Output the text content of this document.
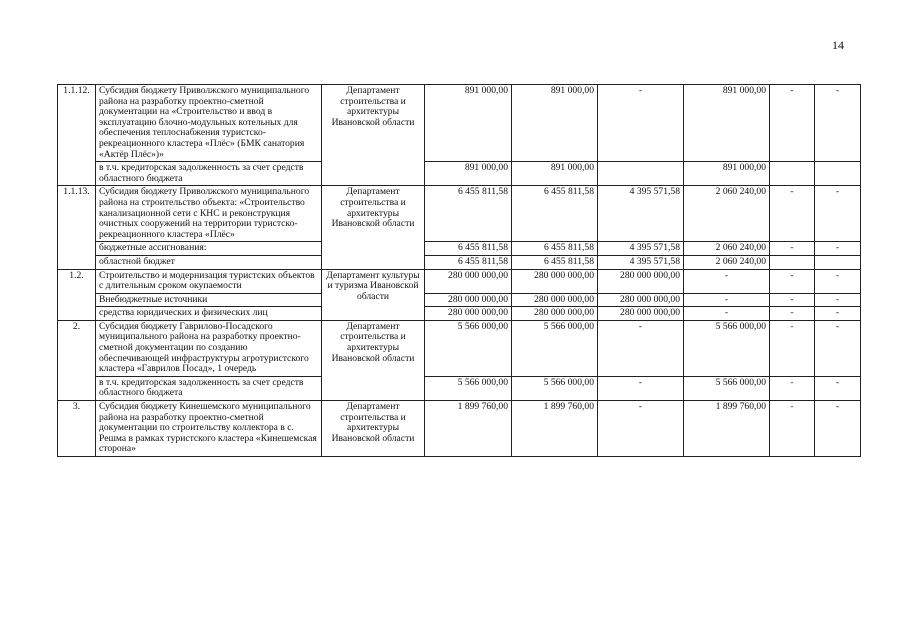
14
1.1.12.	Субсидия бюджету Приволжского муниципального района на разработку проектно-сметной документации на «Строительство и ввод в эксплуатацию блочно-модульных котельных для обеспечения теплоснабжения туристско-рекреационного кластера «Плёс» (БМК санатория «Актёр Плёс»)»	Департамент строительства и архитектуры Ивановской области	891 000,00	891 000,00	-	891 000,00	-	-
	в т.ч. кредиторская задолженность за счет средств областного бюджета		891 000,00	891 000,00		891 000,00		
1.1.13.	Субсидия бюджету Приволжского муниципального района на строительство объекта: «Строительство канализационной сети с КНС и реконструкция очистных сооружений на территории туристско-рекреационного кластера «Плёс»	Департамент строительства и архитектуры Ивановской области	6 455 811,58	6 455 811,58	4 395 571,58	2 060 240,00	-	-
	бюджетные ассигнования:		6 455 811,58	6 455 811,58	4 395 571,58	2 060 240,00	-	-
	областной бюджет		6 455 811,58	6 455 811,58	4 395 571,58	2 060 240,00		
1.2.	Строительство и модернизация туристских объектов с длительным сроком окупаемости	Департамент культуры и туризма Ивановской области	280 000 000,00	280 000 000,00	280 000 000,00	-	-	-
	Внебюджетные источники		280 000 000,00	280 000 000,00	280 000 000,00	-	-	-
	средства юридических и физических лиц		280 000 000,00	280 000 000,00	280 000 000,00	-	-	-
2.	Субсидия бюджету Гаврилово-Посадского муниципального района на разработку проектно-сметной документации по созданию обеспечивающей инфраструктуры агротуристского кластера «Гаврилов Посад», 1 очередь	Департамент строительства и архитектуры Ивановской области	5 566 000,00	5 566 000,00	-	5 566 000,00	-	-
	в т.ч. кредиторская задолженность за счет средств областного бюджета		5 566 000,00	5 566 000,00	-	5 566 000,00	-	-
3.	Субсидия бюджету Кинешемского муниципального района на разработку проектно-сметной документации по строительству коллектора в с. Решма в рамках туристского кластера «Кинешемская сторона»	Департамент строительства и архитектуры Ивановской области	1 899 760,00	1 899 760,00	-	1 899 760,00	-	-
